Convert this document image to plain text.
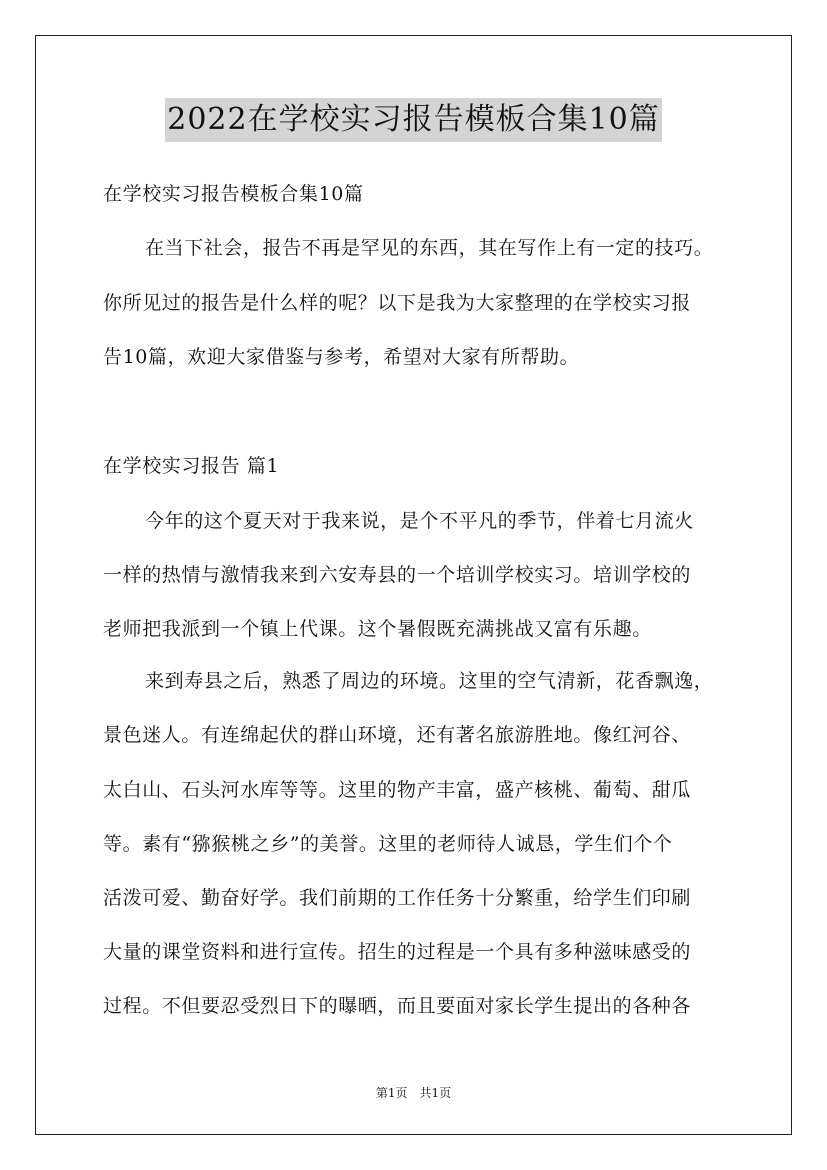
2022在学校实习报告模板合集10篇
在学校实习报告模板合集10篇
在当下社会，报告不再是罕见的东西，其在写作上有一定的技巧。
你所见过的报告是什么样的呢？以下是我为大家整理的在学校实习报
告10篇，欢迎大家借鉴与参考，希望对大家有所帮助。
在学校实习报告 篇1
今年的这个夏天对于我来说，是个不平凡的季节，伴着七月流火
一样的热情与激情我来到六安寿县的一个培训学校实习。培训学校的
老师把我派到一个镇上代课。这个暑假既充满挑战又富有乐趣。
来到寿县之后，熟悉了周边的环境。这里的空气清新，花香飘逸，
景色迷人。有连绵起伏的群山环境，还有著名旅游胜地。像红河谷、
太白山、石头河水库等等。这里的物产丰富，盛产核桃、葡萄、甜瓜
等。素有“猕猴桃之乡”的美誉。这里的老师待人诚恳，学生们个个
活泼可爱、勤奋好学。我们前期的工作任务十分繁重，给学生们印刷
大量的课堂资料和进行宣传。招生的过程是一个具有多种滋味感受的
过程。不但要忍受烈日下的曝晒，而且要面对家长学生提出的各种各
第1页　共1页
